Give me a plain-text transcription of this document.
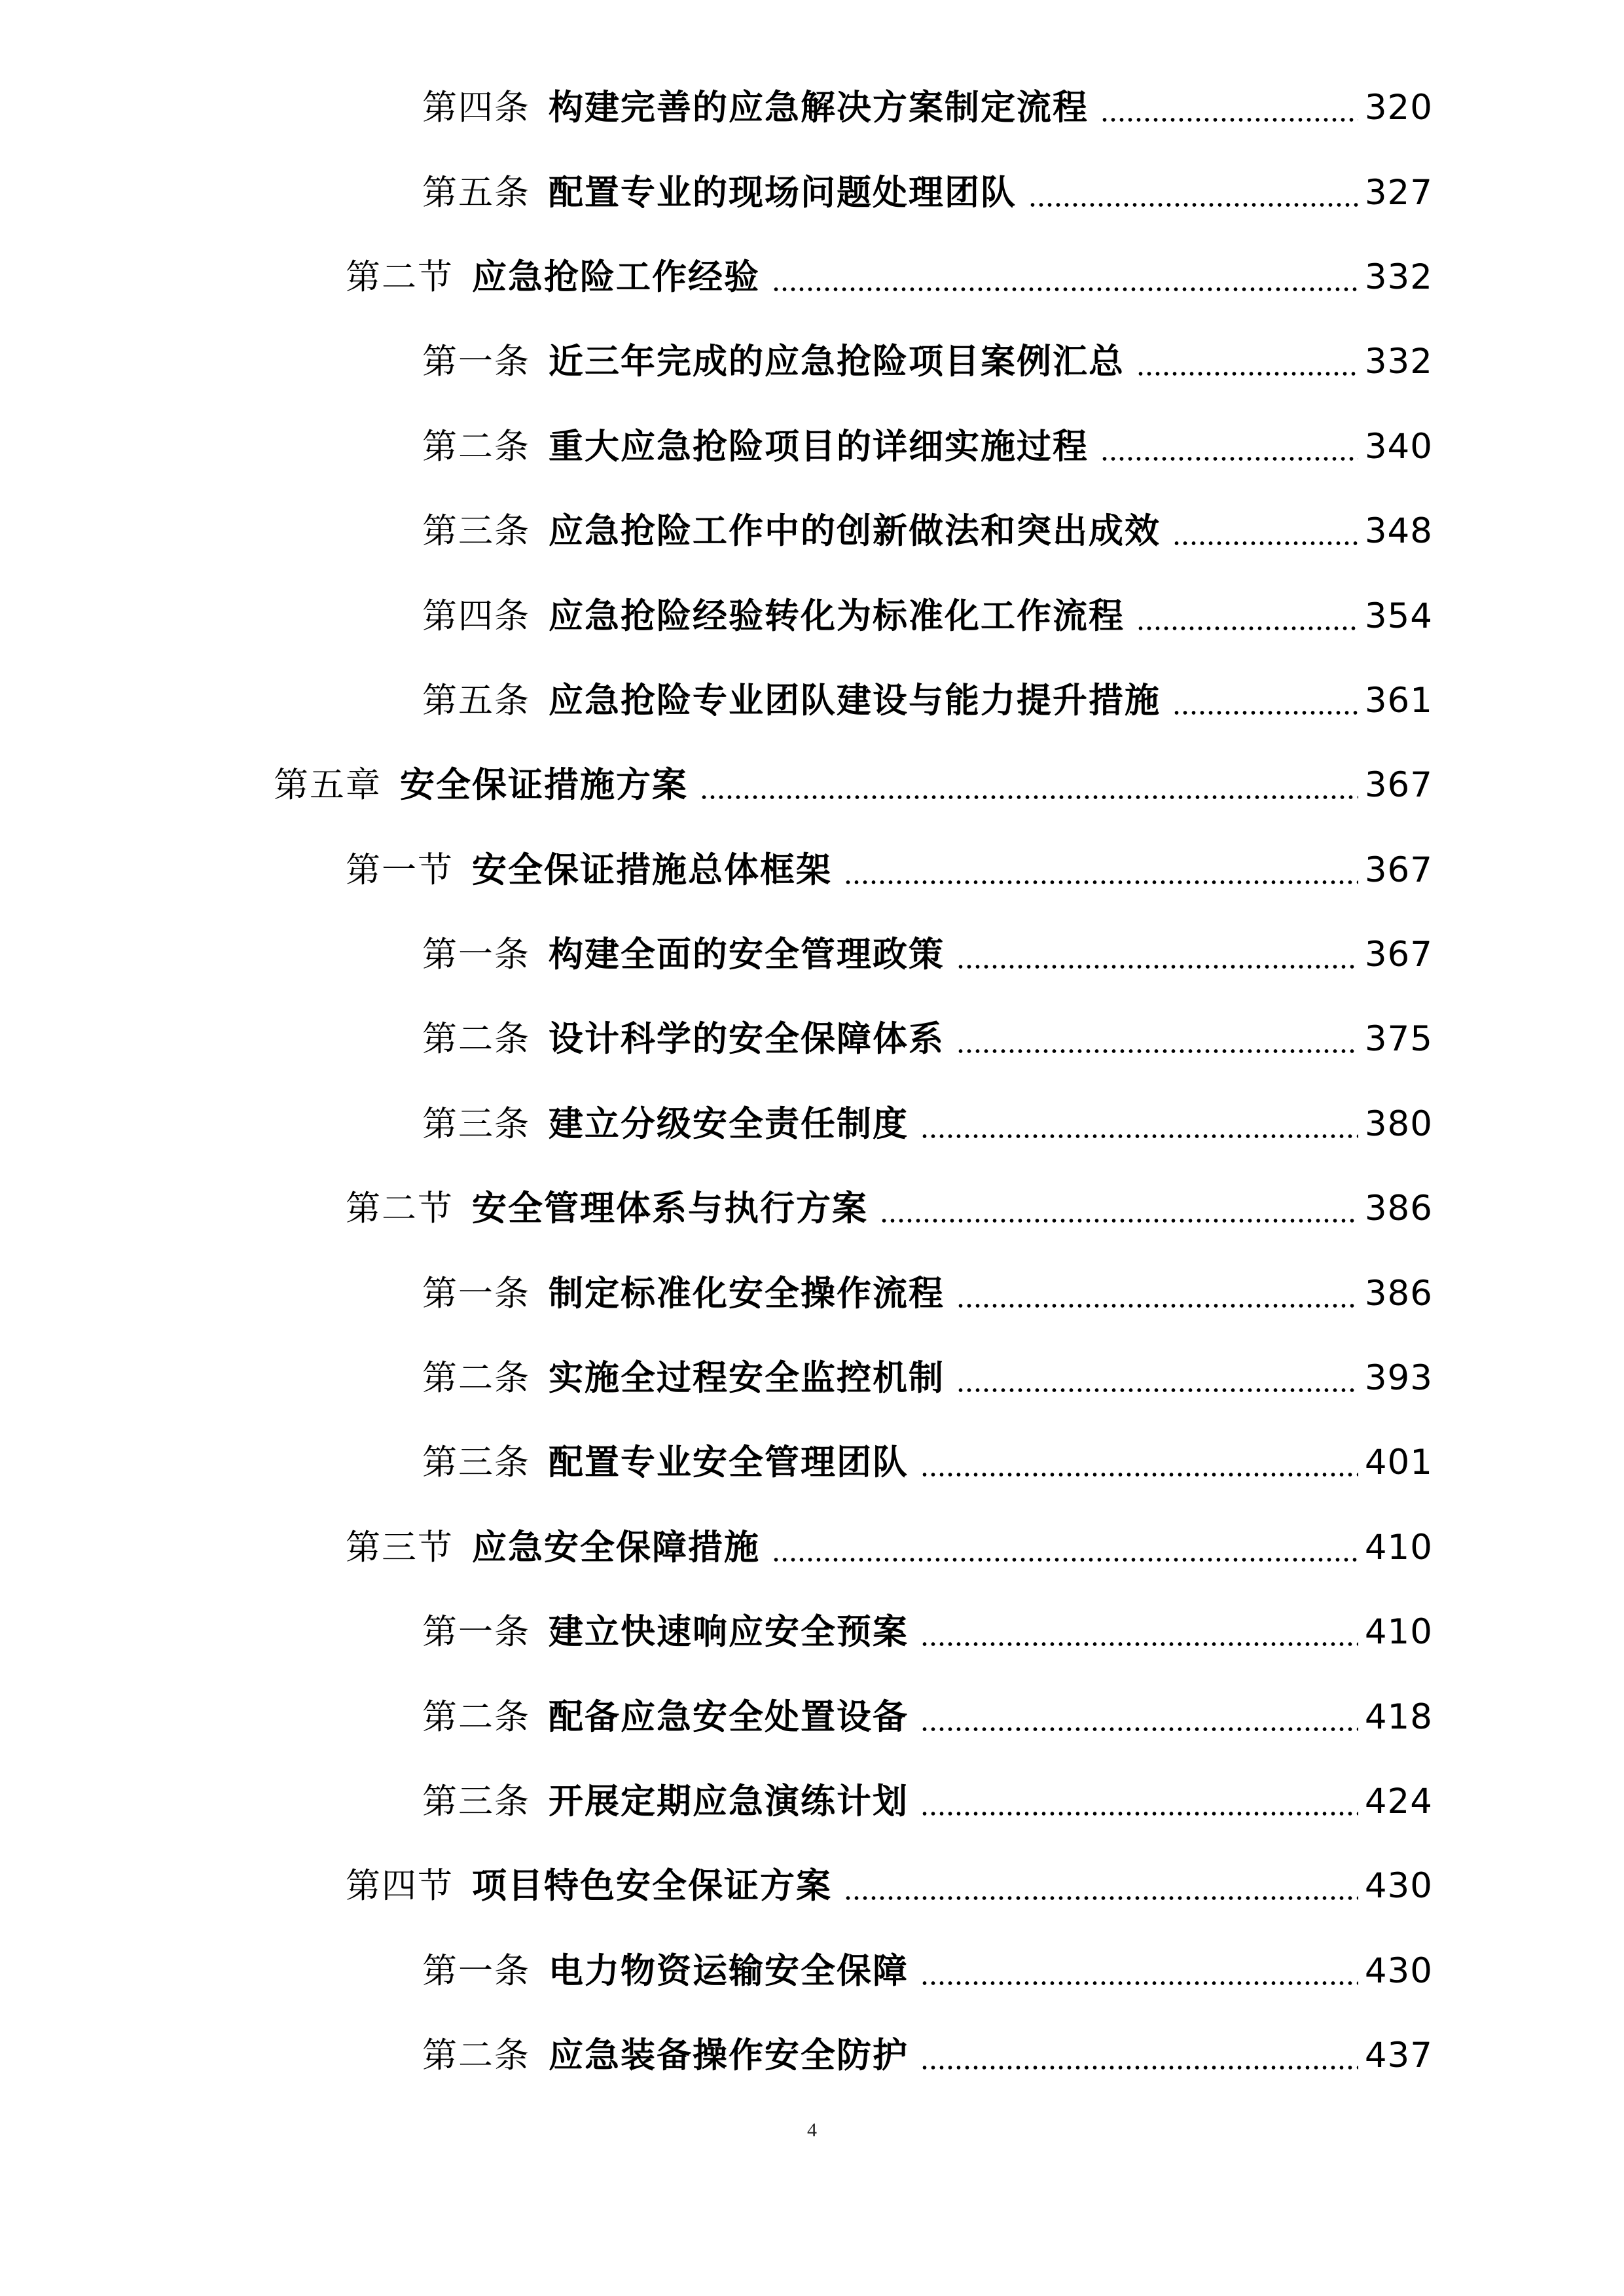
第四条 构建完善的应急解决方案制定流程	320
第五条 配置专业的现场问题处理团队	327
第二节 应急抢险工作经验	332
第一条 近三年完成的应急抢险项目案例汇总	332
第二条 重大应急抢险项目的详细实施过程	340
第三条 应急抢险工作中的创新做法和突出成效	348
第四条 应急抢险经验转化为标准化工作流程	354
第五条 应急抢险专业团队建设与能力提升措施	361
第五章 安全保证措施方案	367
第一节 安全保证措施总体框架	367
第一条 构建全面的安全管理政策	367
第二条 设计科学的安全保障体系	375
第三条 建立分级安全责任制度	380
第二节 安全管理体系与执行方案	386
第一条 制定标准化安全操作流程	386
第二条 实施全过程安全监控机制	393
第三条 配置专业安全管理团队	401
第三节 应急安全保障措施	410
第一条 建立快速响应安全预案	410
第二条 配备应急安全处置设备	418
第三条 开展定期应急演练计划	424
第四节 项目特色安全保证方案	430
第一条 电力物资运输安全保障	430
第二条 应急装备操作安全防护	437
4
